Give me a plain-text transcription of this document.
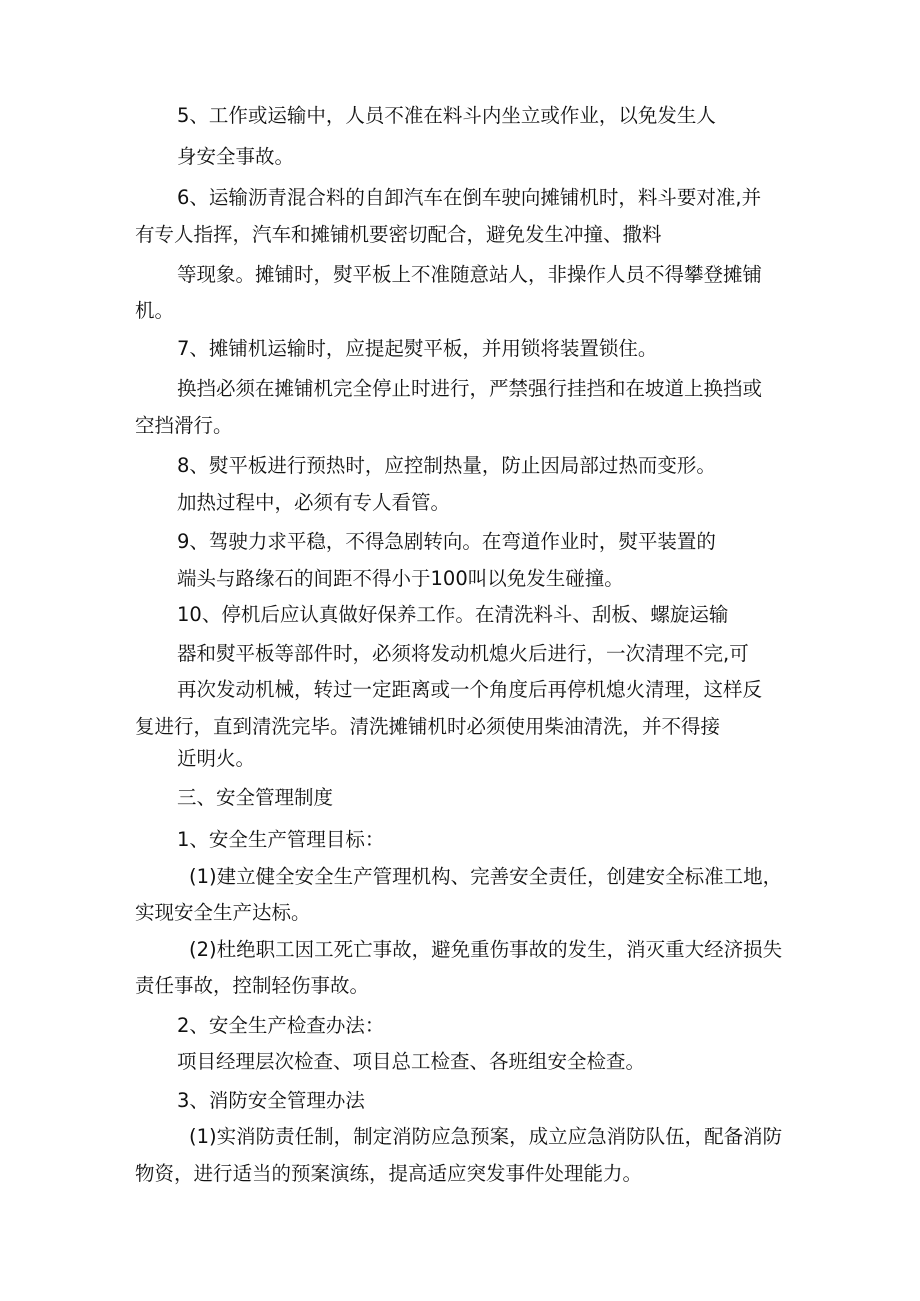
5、工作或运输中，人员不准在料斗内坐立或作业，以免发生人
身安全事故。
6、运输沥青混合料的自卸汽车在倒车驶向摊铺机时，料斗要对准,并
有专人指挥，汽车和摊铺机要密切配合，避免发生冲撞、撒料
等现象。摊铺时，熨平板上不准随意站人，非操作人员不得攀登摊铺
机。
7、摊铺机运输时，应提起熨平板，并用锁将装置锁住。
换挡必须在摊铺机完全停止时进行，严禁强行挂挡和在坡道上换挡或
空挡滑行。
8、熨平板进行预热时，应控制热量，防止因局部过热而变形。
加热过程中，必须有专人看管。
9、驾驶力求平稳，不得急剧转向。在弯道作业时，熨平装置的
端头与路缘石的间距不得小于100叫以免发生碰撞。
10、停机后应认真做好保养工作。在清洗料斗、刮板、螺旋运输
器和熨平板等部件时，必须将发动机熄火后进行，一次清理不完,可
再次发动机械，转过一定距离或一个角度后再停机熄火清理，这样反
复进行，直到清洗完毕。清洗摊铺机时必须使用柴油清洗，并不得接
近明火。
三、安全管理制度
1、安全生产管理目标：
(1)建立健全安全生产管理机构、完善安全责任，创建安全标准工地，
实现安全生产达标。
(2)杜绝职工因工死亡事故，避免重伤事故的发生，消灭重大经济损失
责任事故，控制轻伤事故。
2、安全生产检查办法：
项目经理层次检查、项目总工检查、各班组安全检查。
3、消防安全管理办法
(1)实消防责任制，制定消防应急预案，成立应急消防队伍，配备消防
物资，进行适当的预案演练，提高适应突发事件处理能力。
